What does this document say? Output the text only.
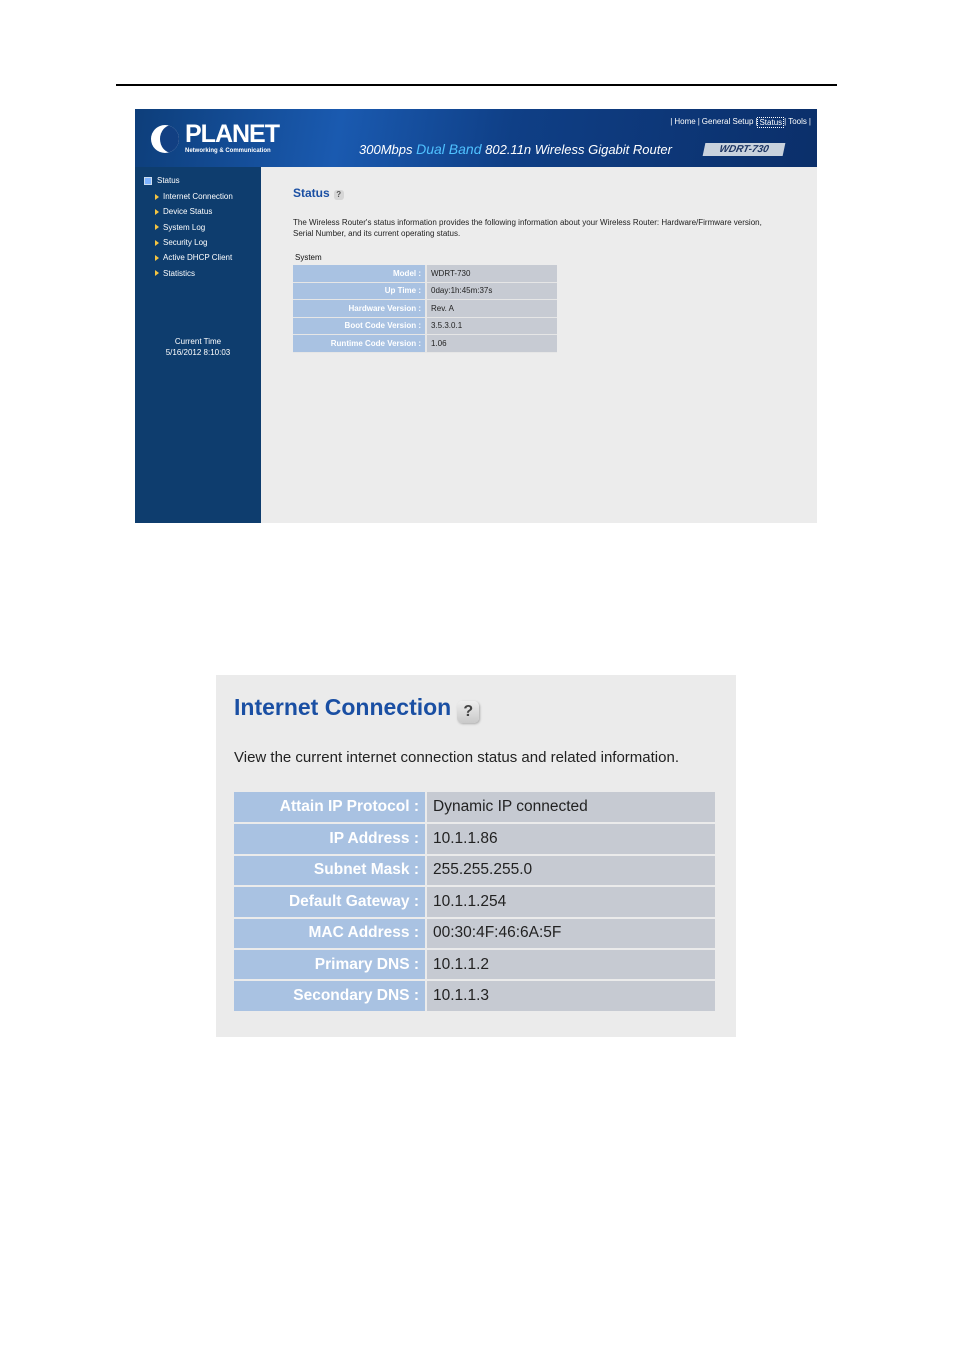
PLANET
Networking & Communication
| Home | General Setup | Status | Tools |
300Mbps Dual Band 802.11n Wireless Gigabit Router	WDRT-730
Status
Internet Connection
Device Status
System Log
Security Log
Active DHCP Client
Statistics
Current Time
5/16/2012 8:10:03
Status ?
The Wireless Router's status information provides the following information about your Wireless Router: Hardware/Firmware version, Serial Number, and its current operating status.
System
Model :	WDRT-730
Up Time :	0day:1h:45m:37s
Hardware Version :	Rev. A
Boot Code Version :	3.5.3.0.1
Runtime Code Version :	1.06
Internet Connection ?
View the current internet connection status and related information.
Attain IP Protocol :	Dynamic IP connected
IP Address :	10.1.1.86
Subnet Mask :	255.255.255.0
Default Gateway :	10.1.1.254
MAC Address :	00:30:4F:46:6A:5F
Primary DNS :	10.1.1.2
Secondary DNS :	10.1.1.3
